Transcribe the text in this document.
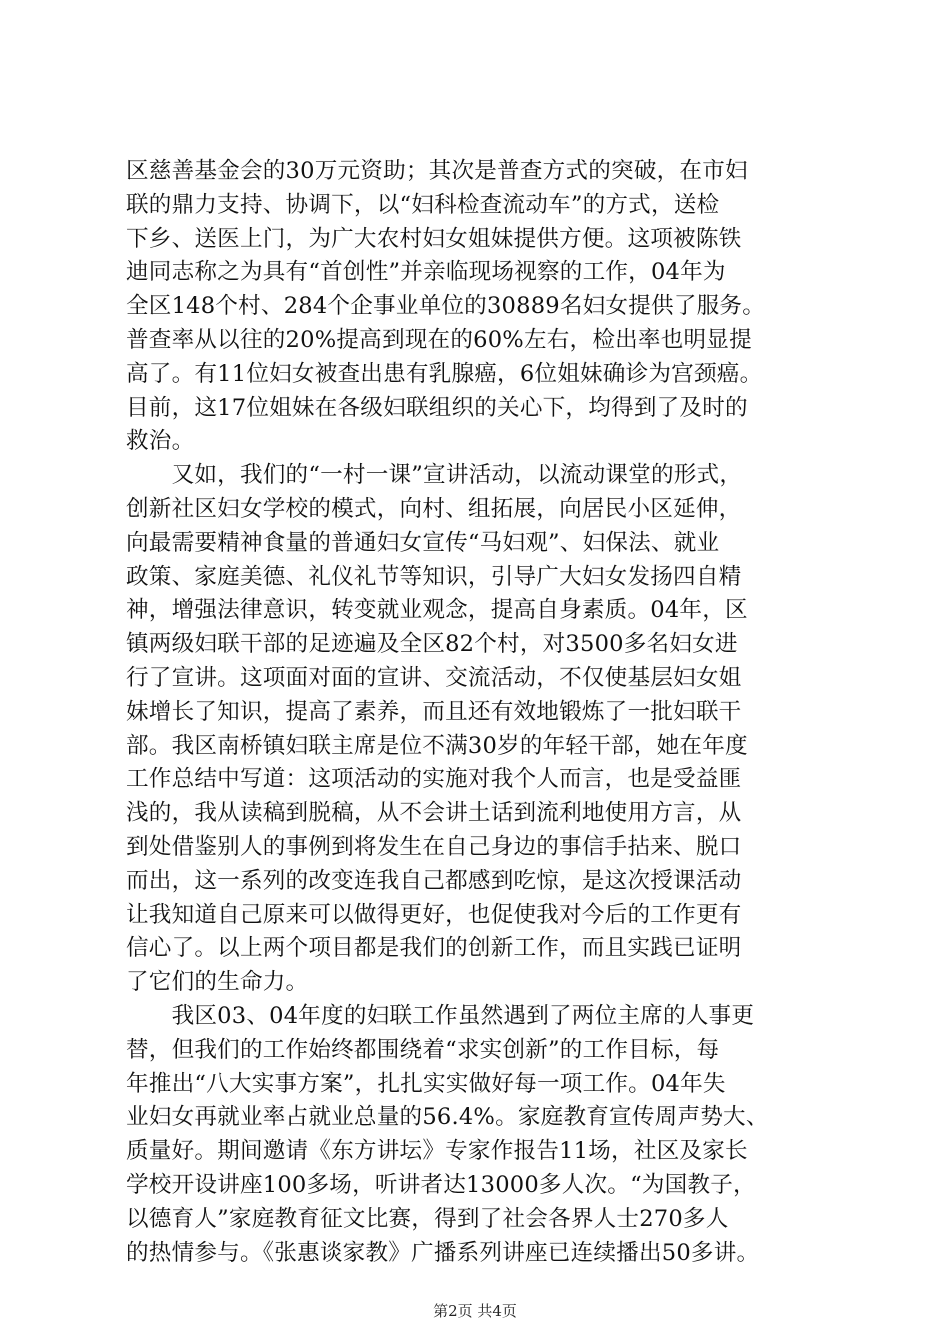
区慈善基金会的30万元资助；其次是普查方式的突破，在市妇
联的鼎力支持、协调下，以“妇科检查流动车”的方式，送检
下乡、送医上门，为广大农村妇女姐妹提供方便。这项被陈铁
迪同志称之为具有“首创性”并亲临现场视察的工作，04年为
全区148个村、284个企事业单位的30889名妇女提供了服务。
普查率从以往的20%提高到现在的60%左右，检出率也明显提
高了。有11位妇女被查出患有乳腺癌，6位姐妹确诊为宫颈癌。
目前，这17位姐妹在各级妇联组织的关心下，均得到了及时的
救治。
　　又如，我们的“一村一课”宣讲活动，以流动课堂的形式，
创新社区妇女学校的模式，向村、组拓展，向居民小区延伸，
向最需要精神食量的普通妇女宣传“马妇观”、妇保法、就业
政策、家庭美德、礼仪礼节等知识，引导广大妇女发扬四自精
神，增强法律意识，转变就业观念，提高自身素质。04年，区
镇两级妇联干部的足迹遍及全区82个村，对3500多名妇女进
行了宣讲。这项面对面的宣讲、交流活动，不仅使基层妇女姐
妹增长了知识，提高了素养，而且还有效地锻炼了一批妇联干
部。我区南桥镇妇联主席是位不满30岁的年轻干部，她在年度
工作总结中写道：这项活动的实施对我个人而言，也是受益匪
浅的，我从读稿到脱稿，从不会讲土话到流利地使用方言，从
到处借鉴别人的事例到将发生在自己身边的事信手拈来、脱口
而出，这一系列的改变连我自己都感到吃惊，是这次授课活动
让我知道自己原来可以做得更好，也促使我对今后的工作更有
信心了。以上两个项目都是我们的创新工作，而且实践已证明
了它们的生命力。
　　我区03、04年度的妇联工作虽然遇到了两位主席的人事更
替，但我们的工作始终都围绕着“求实创新”的工作目标，每
年推出“八大实事方案”，扎扎实实做好每一项工作。04年失
业妇女再就业率占就业总量的56.4%。家庭教育宣传周声势大、
质量好。期间邀请《东方讲坛》专家作报告11场，社区及家长
学校开设讲座100多场，听讲者达13000多人次。“为国教子，
以德育人”家庭教育征文比赛，得到了社会各界人士270多人
的热情参与。《张惠谈家教》广播系列讲座已连续播出50多讲。
第2页 共4页
